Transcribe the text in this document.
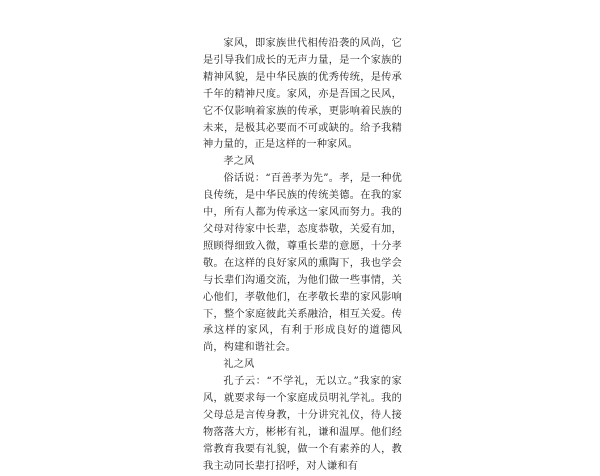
家风，即家族世代相传沿袭的风尚，它是引导我们成长的无声力量，是一个家族的精神风貌，是中华民族的优秀传统，是传承千年的精神尺度。家风，亦是吾国之民风，它不仅影响着家族的传承，更影响着民族的未来，是极其必要而不可或缺的。给予我精神力量的，正是这样的一种家风。

孝之风

俗话说：“百善孝为先”。孝，是一种优良传统，是中华民族的传统美德。在我的家中，所有人都为传承这一家风而努力。我的父母对待家中长辈，态度恭敬，关爱有加，照顾得细致入微，尊重长辈的意愿，十分孝敬。在这样的良好家风的熏陶下，我也学会与长辈们沟通交流，为他们做一些事情，关心他们，孝敬他们，在孝敬长辈的家风影响下，整个家庭彼此关系融洽，相互关爱。传承这样的家风，有利于形成良好的道德风尚，构建和谐社会。

礼之风

孔子云：“不学礼，无以立。”我家的家风，就要求每一个家庭成员明礼学礼。我的父母总是言传身教，十分讲究礼仪，待人接物落落大方，彬彬有礼，谦和温厚。他们经常教育我要有礼貌，做一个有素养的人，教我主动同长辈打招呼，对人谦和有
